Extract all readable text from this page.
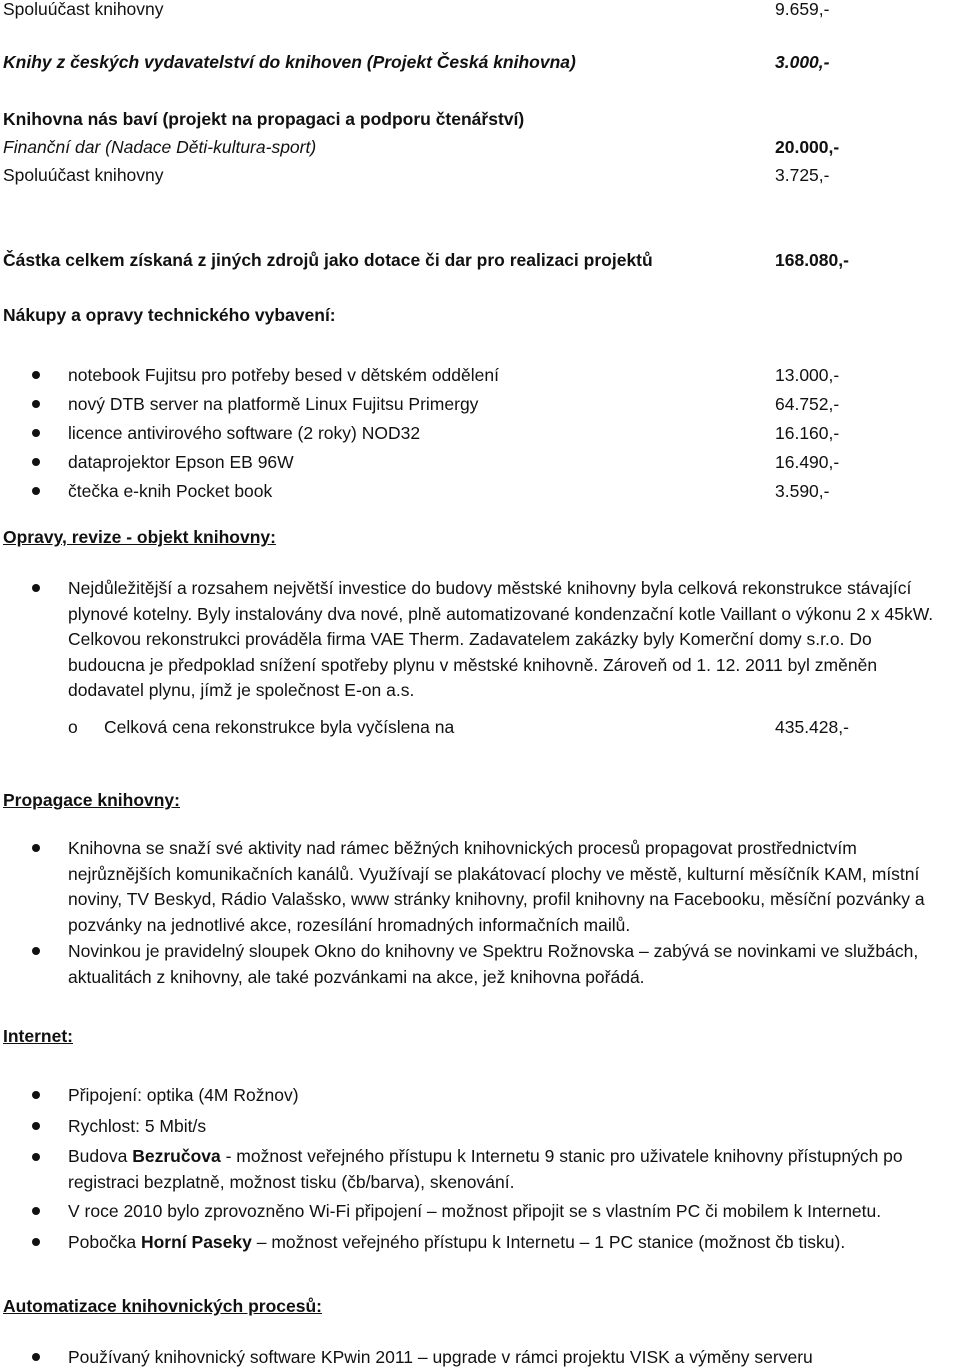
Spoluúčast knihovny	9.659,-
Knihy z českých vydavatelství do knihoven (Projekt Česká knihovna)	3.000,-
Knihovna nás baví (projekt na propagaci a podporu čtenářství)
Finanční dar (Nadace Děti-kultura-sport)	20.000,-
Spoluúčast knihovny	3.725,-
Částka celkem získaná z jiných zdrojů jako dotace či dar pro realizaci projektů	168.080,-
Nákupy a opravy technického vybavení:
notebook Fujitsu pro potřeby besed v dětském oddělení	13.000,-
nový DTB server na platformě Linux Fujitsu Primergy	64.752,-
licence antivirového software (2 roky) NOD32	16.160,-
dataprojektor Epson EB 96W	16.490,-
čtečka e-knih Pocket book	3.590,-
Opravy, revize - objekt knihovny:
Nejdůležitější a rozsahem největší investice do budovy městské knihovny byla celková rekonstrukce stávající plynové kotelny. Byly instalovány dva nové, plně automatizované kondenzační kotle Vaillant o výkonu 2 x 45kW. Celkovou rekonstrukci prováděla firma VAE Therm. Zadavatelem zakázky byly Komerční domy s.r.o. Do budoucna je předpoklad snížení spotřeby plynu v městské knihovně. Zároveň od 1. 12. 2011 byl změněn dodavatel plynu, jímž je společnost E-on a.s.
o Celková cena rekonstrukce byla vyčíslena na	435.428,-
Propagace knihovny:
Knihovna se snaží své aktivity nad rámec běžných knihovnických procesů propagovat prostřednictvím nejrůznějších komunikačních kanálů. Využívají se plakátovací plochy ve městě, kulturní měsíčník KAM, místní noviny, TV Beskyd, Rádio Valašsko, www stránky knihovny, profil knihovny na Facebooku, měsíční pozvánky a pozvánky na jednotlivé akce, rozesílání hromadných informačních mailů.
Novinkou je pravidelný sloupek Okno do knihovny ve Spektru Rožnovska – zabývá se novinkami ve službách, aktualitách z knihovny, ale také pozvánkami na akce, jež knihovna pořádá.
Internet:
Připojení: optika (4M Rožnov)
Rychlost: 5 Mbit/s
Budova Bezručova - možnost veřejného přístupu k Internetu 9 stanic pro uživatele knihovny přístupných po registraci bezplatně, možnost tisku (čb/barva), skenování.
V roce 2010 bylo zprovozněno Wi-Fi připojení – možnost připojit se s vlastním PC či mobilem k Internetu.
Pobočka Horní Paseky – možnost veřejného přístupu k Internetu – 1 PC stanice (možnost čb tisku).
Automatizace knihovnických procesů:
Používaný knihovnický software KPwin 2011 – upgrade v rámci projektu VISK a výměny serveru
